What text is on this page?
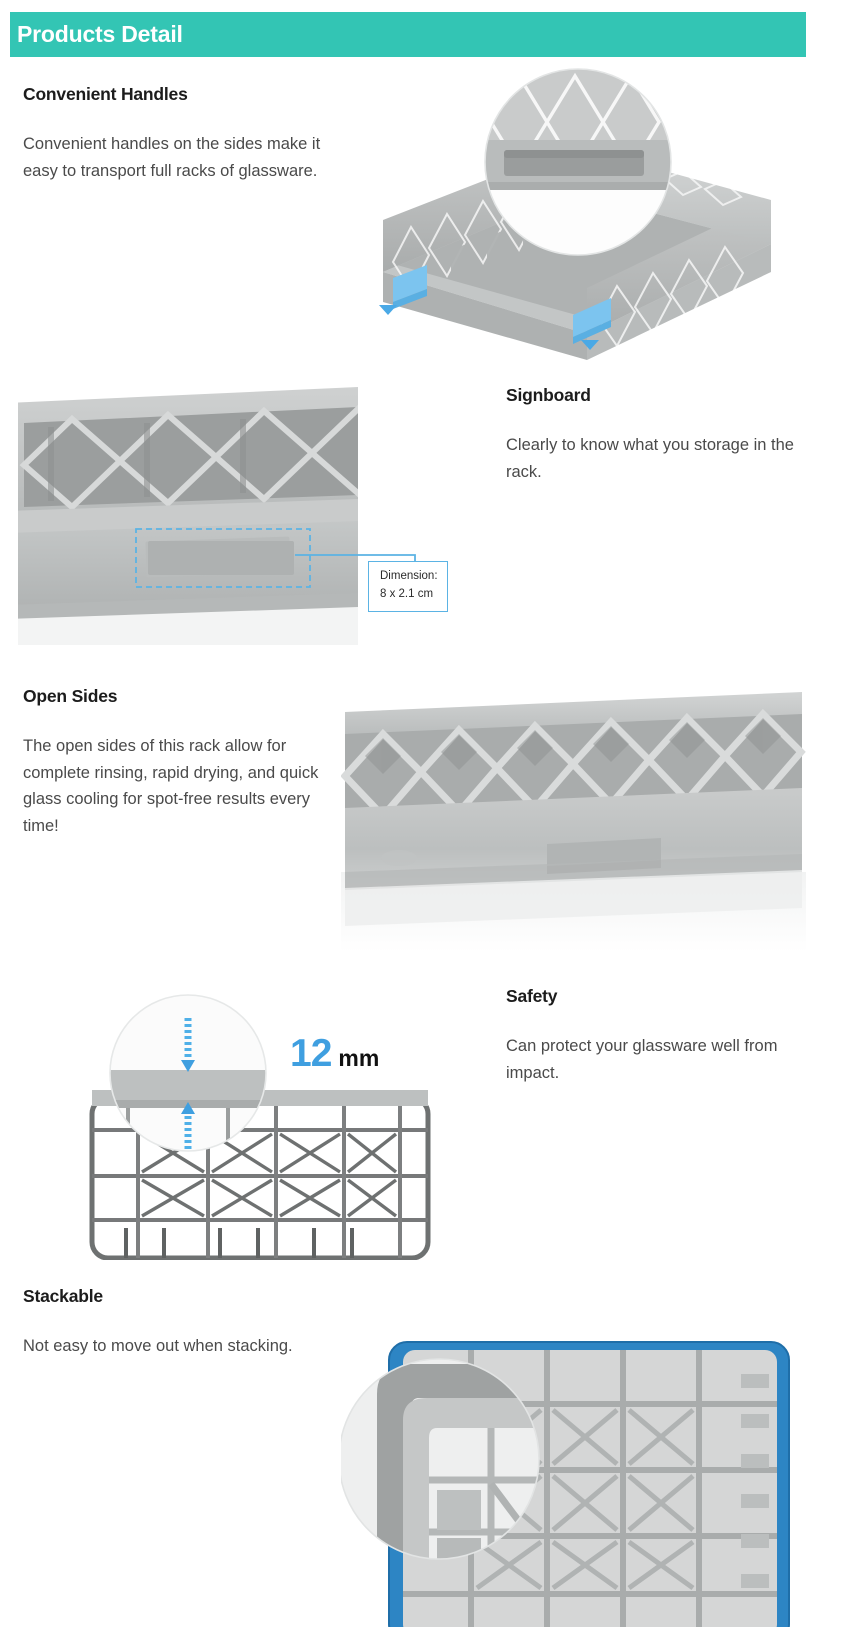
Products Detail
Convenient Handles
Convenient handles on the sides make it easy to transport full racks of glassware.
Dimension:
8 x 2.1 cm
Signboard
Clearly to know what you storage in the rack.
Open Sides
The open sides of this rack allow for complete rinsing, rapid drying, and quick glass cooling for spot-free results every time!
12 mm
Safety
Can protect your glassware well from impact.
Stackable
Not easy to move out when stacking.
